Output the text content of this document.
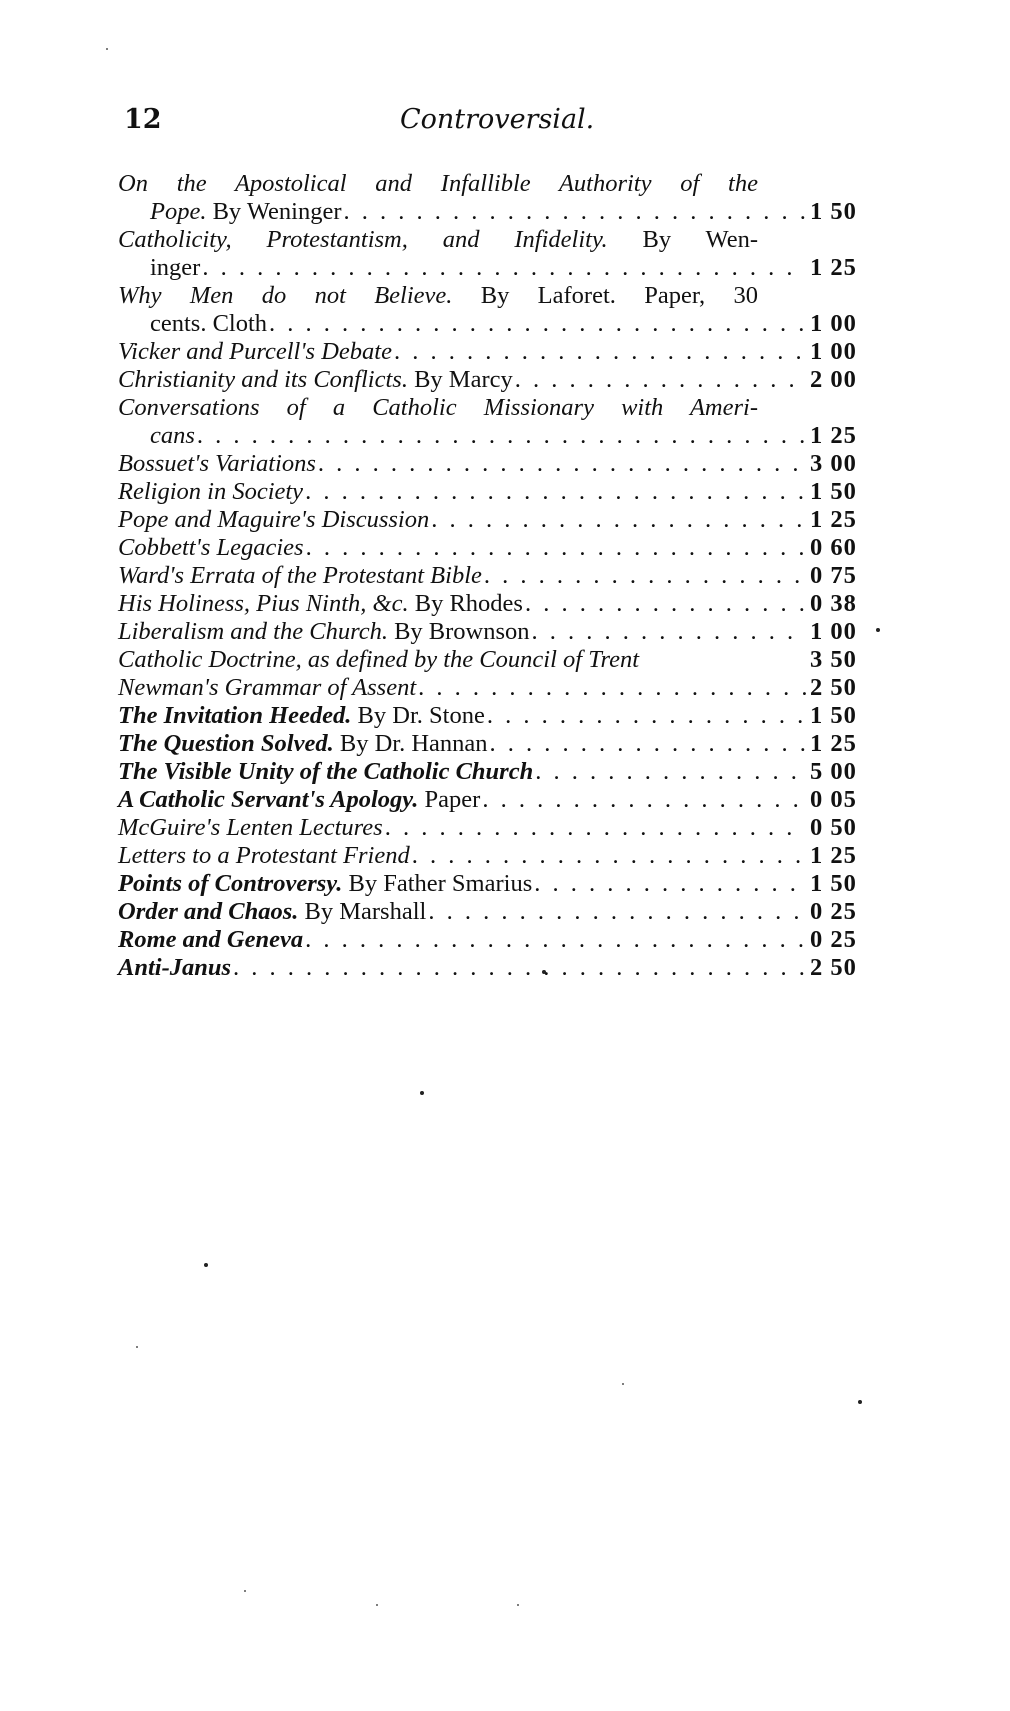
12	Controversial.
On the Apostolical and Infallible Authority of the
Pope. By Weninger . . .	1 50
Catholicity, Protestantism, and Infidelity. By Wen-
inger . . .	1 25
Why Men do not Believe. By Laforet. Paper, 30
cents. Cloth . . .	1 00
Vicker and Purcell's Debate . . .	1 00
Christianity and its Conflicts. By Marcy . . .	2 00
Conversations of a Catholic Missionary with Ameri-
cans . . .	1 25
Bossuet's Variations . . .	3 00
Religion in Society . . .	1 50
Pope and Maguire's Discussion . . .	1 25
Cobbett's Legacies . . .	0 60
Ward's Errata of the Protestant Bible . . .	0 75
His Holiness, Pius Ninth, &c. By Rhodes . . .	0 38
Liberalism and the Church. By Brownson . . .	1 00
Catholic Doctrine, as defined by the Council of Trent	3 50
Newman's Grammar of Assent . . .	2 50
The Invitation Heeded. By Dr. Stone . . .	1 50
The Question Solved. By Dr. Hannan . . .	1 25
The Visible Unity of the Catholic Church . . .	5 00
A Catholic Servant's Apology. Paper . . .	0 05
McGuire's Lenten Lectures . . .	0 50
Letters to a Protestant Friend . . .	1 25
Points of Controversy. By Father Smarius . . .	1 50
Order and Chaos. By Marshall . . .	0 25
Rome and Geneva . . .	0 25
Anti-Janus . . .	2 50
